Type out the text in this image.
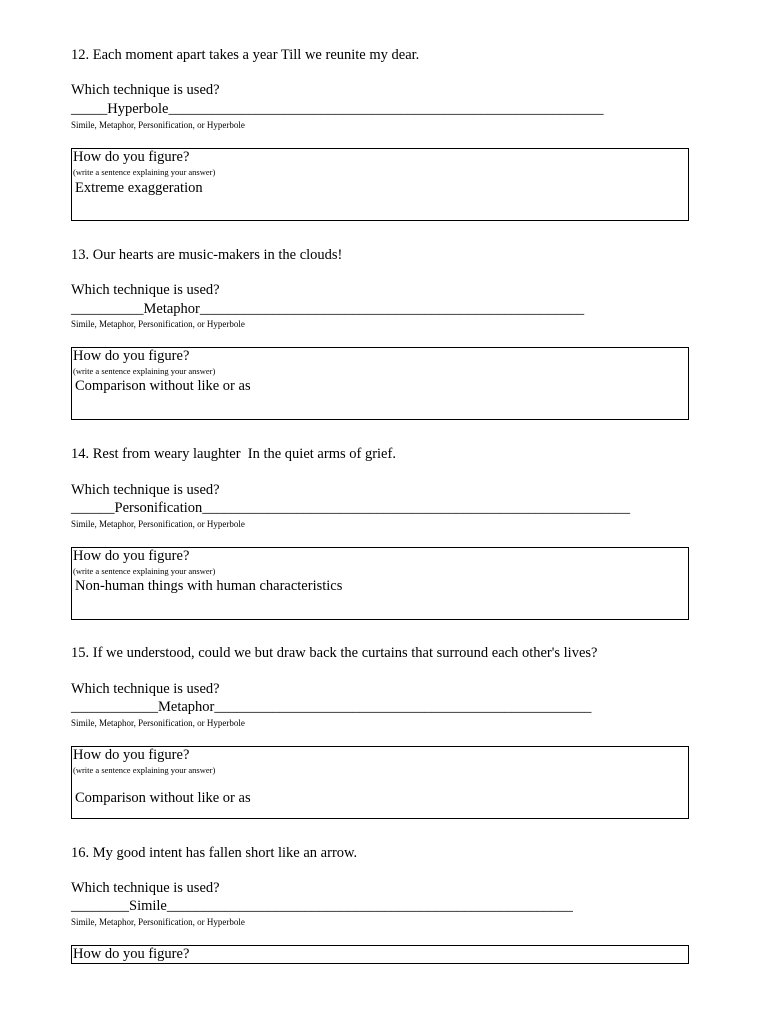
12. Each moment apart takes a year Till we reunite my dear.
Which technique is used?
_____Hyperbole____________________________________________________________
Simile, Metaphor, Personification, or Hyperbole
How do you figure?
(write a sentence explaining your answer)
Extreme exaggeration
13. Our hearts are music-makers in the clouds!
Which technique is used?
__________Metaphor_____________________________________________________
Simile, Metaphor, Personification, or Hyperbole
How do you figure?
(write a sentence explaining your answer)
Comparison without like or as
14. Rest from weary laughter  In the quiet arms of grief.
Which technique is used?
______Personification___________________________________________________________
Simile, Metaphor, Personification, or Hyperbole
How do you figure?
(write a sentence explaining your answer)
Non-human things with human characteristics
15. If we understood, could we but draw back the curtains that surround each other's lives?
Which technique is used?
____________Metaphor____________________________________________________
Simile, Metaphor, Personification, or Hyperbole
How do you figure?
(write a sentence explaining your answer)
Comparison without like or as
16. My good intent has fallen short like an arrow.
Which technique is used?
________Simile________________________________________________________
Simile, Metaphor, Personification, or Hyperbole
How do you figure?
